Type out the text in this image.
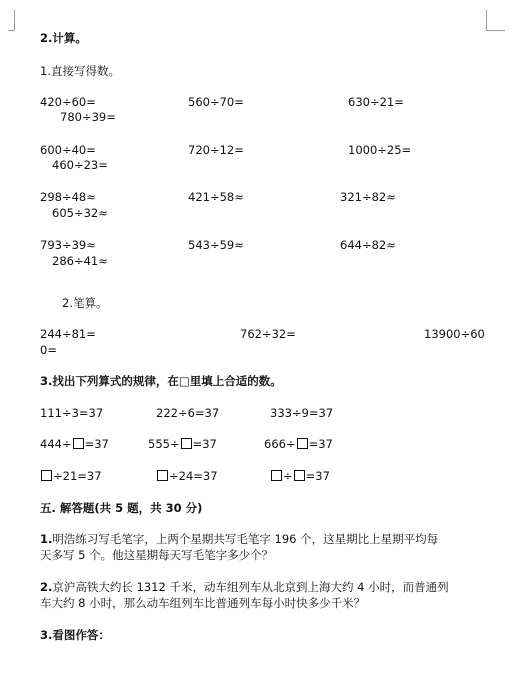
2.计算。
1.直接写得数。
420÷60=	560÷70=	630÷21=
780÷39=
600÷40=	720÷12=	1000÷25=
460÷23=
298÷48≈	421÷58≈	321÷82≈
605÷32≈
793÷39≈	543÷59≈	644÷82≈
286÷41≈
2.笔算。
244÷81=	762÷32=	13900÷60
0=
3.找出下列算式的规律，在□里填上合适的数。
111÷3=37	222÷6=37	333÷9=37
444÷ =37	555÷ =37	666÷ =37
÷21=37	÷24=37	÷ =37
五. 解答题(共 5 题，共 30 分)
1.明浩练习写毛笔字，上两个星期共写毛笔字 196 个，这星期比上星期平均每
天多写 5 个。他这星期每天写毛笔字多少个？
2.京沪高铁大约长 1312 千米，动车组列车从北京到上海大约 4 小时，而普通列
车大约 8 小时，那么动车组列车比普通列车每小时快多少千米？
3.看图作答：
